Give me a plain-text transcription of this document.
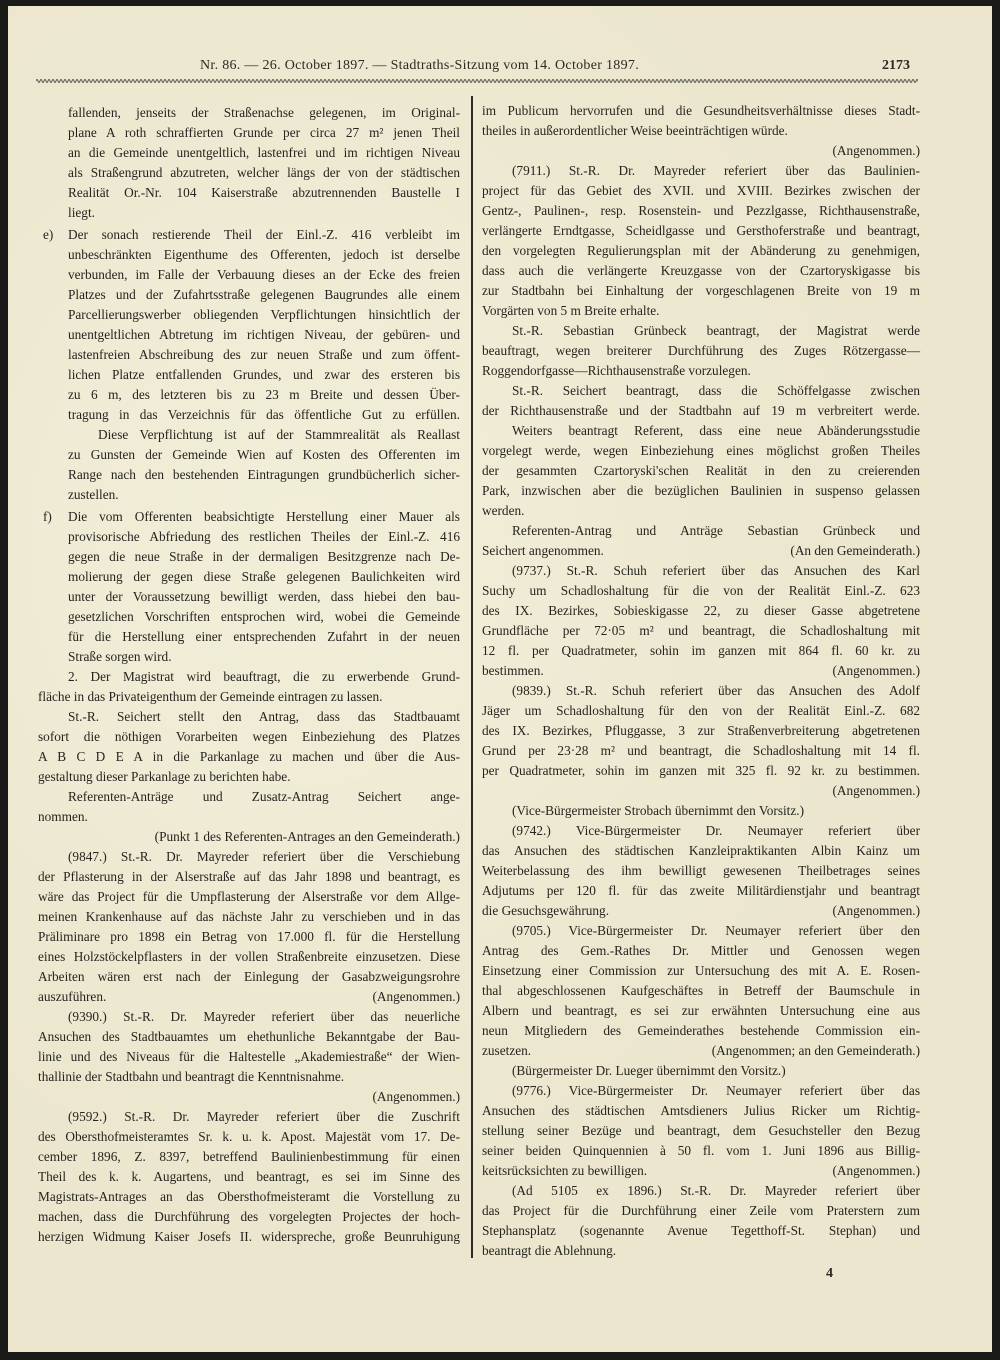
Nr. 86. — 26. October 1897. — Stadtraths-Sitzung vom 14. October 1897.	2173
fallenden, jenseits der Straßenachse gelegenen, im Original-
plane A roth schraffierten Grunde per circa 27 m² jenen Theil
an die Gemeinde unentgeltlich, lastenfrei und im richtigen Niveau
als Straßengrund abzutreten, welcher längs der von der städtischen
Realität Or.-Nr. 104 Kaiserstraße abzutrennenden Baustelle I
liegt.
e) Der sonach restierende Theil der Einl.-Z. 416 verbleibt im
unbeschränkten Eigenthume des Offerenten, jedoch ist derselbe
verbunden, im Falle der Verbauung dieses an der Ecke des freien
Platzes und der Zufahrtsstraße gelegenen Baugrundes alle einem
Parcellierungswerber obliegenden Verpflichtungen hinsichtlich der
unentgeltlichen Abtretung im richtigen Niveau, der gebüren- und
lastenfreien Abschreibung des zur neuen Straße und zum öffent-
lichen Platze entfallenden Grundes, und zwar des ersteren bis
zu 6 m, des letzteren bis zu 23 m Breite und dessen Über-
tragung in das Verzeichnis für das öffentliche Gut zu erfüllen.
Diese Verpflichtung ist auf der Stammrealität als Reallast
zu Gunsten der Gemeinde Wien auf Kosten des Offerenten im
Range nach den bestehenden Eintragungen grundbücherlich sicher-
zustellen.
f) Die vom Offerenten beabsichtigte Herstellung einer Mauer als
provisorische Abfriedung des restlichen Theiles der Einl.-Z. 416
gegen die neue Straße in der dermaligen Besitzgrenze nach De-
molierung der gegen diese Straße gelegenen Baulichkeiten wird
unter der Voraussetzung bewilligt werden, dass hiebei den bau-
gesetzlichen Vorschriften entsprochen wird, wobei die Gemeinde
für die Herstellung einer entsprechenden Zufahrt in der neuen
Straße sorgen wird.
2. Der Magistrat wird beauftragt, die zu erwerbende Grund-
fläche in das Privateigenthum der Gemeinde eintragen zu lassen.
St.-R. Seichert stellt den Antrag, dass das Stadtbauamt
sofort die nöthigen Vorarbeiten wegen Einbeziehung des Platzes
A B C D E A in die Parkanlage zu machen und über die Aus-
gestaltung dieser Parkanlage zu berichten habe.
Referenten-Anträge und Zusatz-Antrag Seichert ange-
nommen.
(Punkt 1 des Referenten-Antrages an den Gemeinderath.)
(9847.) St.-R. Dr. Mayreder referiert über die Verschiebung
der Pflasterung in der Alserstraße auf das Jahr 1898 und beantragt, es
wäre das Project für die Umpflasterung der Alserstraße vor dem Allge-
meinen Krankenhause auf das nächste Jahr zu verschieben und in das
Präliminare pro 1898 ein Betrag von 17.000 fl. für die Herstellung
eines Holzstöckelpflasters in der vollen Straßenbreite einzusetzen. Diese
Arbeiten wären erst nach der Einlegung der Gasabzweigungsrohre
auszuführen.	(Angenommen.)
(9390.) St.-R. Dr. Mayreder referiert über das neuerliche
Ansuchen des Stadtbauamtes um ehethunliche Bekanntgabe der Bau-
linie und des Niveaus für die Haltestelle „Akademiestraße“ der Wien-
thallinie der Stadtbahn und beantragt die Kenntnisnahme.
(Angenommen.)
(9592.) St.-R. Dr. Mayreder referiert über die Zuschrift
des Obersthofmeisteramtes Sr. k. u. k. Apost. Majestät vom 17. De-
cember 1896, Z. 8397, betreffend Baulinienbestimmung für einen
Theil des k. k. Augartens, und beantragt, es sei im Sinne des
Magistrats-Antrages an das Obersthofmeisteramt die Vorstellung zu
machen, dass die Durchführung des vorgelegten Projectes der hoch-
herzigen Widmung Kaiser Josefs II. widerspreche, große Beunruhigung
im Publicum hervorrufen und die Gesundheitsverhältnisse dieses Stadt-
theiles in außerordentlicher Weise beeinträchtigen würde.
(Angenommen.)
(7911.) St.-R. Dr. Mayreder referiert über das Baulinien-
project für das Gebiet des XVII. und XVIII. Bezirkes zwischen der
Gentz-, Paulinen-, resp. Rosenstein- und Pezzlgasse, Richthausenstraße,
verlängerte Erndtgasse, Scheidlgasse und Gersthoferstraße und beantragt,
den vorgelegten Regulierungsplan mit der Abänderung zu genehmigen,
dass auch die verlängerte Kreuzgasse von der Czartoryskigasse bis
zur Stadtbahn bei Einhaltung der vorgeschlagenen Breite von 19 m
Vorgärten von 5 m Breite erhalte.
St.-R. Sebastian Grünbeck beantragt, der Magistrat werde
beauftragt, wegen breiterer Durchführung des Zuges Rötzergasse—
Roggendorfgasse—Richthausenstraße vorzulegen.
St.-R. Seichert beantragt, dass die Schöffelgasse zwischen
der Richthausenstraße und der Stadtbahn auf 19 m verbreitert werde.
Weiters beantragt Referent, dass eine neue Abänderungsstudie
vorgelegt werde, wegen Einbeziehung eines möglichst großen Theiles
der gesammten Czartoryski'schen Realität in den zu creierenden
Park, inzwischen aber die bezüglichen Baulinien in suspenso gelassen
werden.
Referenten-Antrag und Anträge Sebastian Grünbeck und
Seichert angenommen.	(An den Gemeinderath.)
(9737.) St.-R. Schuh referiert über das Ansuchen des Karl
Suchy um Schadloshaltung für die von der Realität Einl.-Z. 623
des IX. Bezirkes, Sobieskigasse 22, zu dieser Gasse abgetretene
Grundfläche per 72·05 m² und beantragt, die Schadloshaltung mit
12 fl. per Quadratmeter, sohin im ganzen mit 864 fl. 60 kr. zu
bestimmen.	(Angenommen.)
(9839.) St.-R. Schuh referiert über das Ansuchen des Adolf
Jäger um Schadloshaltung für den von der Realität Einl.-Z. 682
des IX. Bezirkes, Pfluggasse, 3 zur Straßenverbreiterung abgetretenen
Grund per 23·28 m² und beantragt, die Schadloshaltung mit 14 fl.
per Quadratmeter, sohin im ganzen mit 325 fl. 92 kr. zu bestimmen.
(Angenommen.)
(Vice-Bürgermeister Strobach übernimmt den Vorsitz.)
(9742.) Vice-Bürgermeister Dr. Neumayer referiert über
das Ansuchen des städtischen Kanzleipraktikanten Albin Kainz um
Weiterbelassung des ihm bewilligt gewesenen Theilbetrages seines
Adjutums per 120 fl. für das zweite Militärdienstjahr und beantragt
die Gesuchsgewährung.	(Angenommen.)
(9705.) Vice-Bürgermeister Dr. Neumayer referiert über den
Antrag des Gem.-Rathes Dr. Mittler und Genossen wegen
Einsetzung einer Commission zur Untersuchung des mit A. E. Rosen-
thal abgeschlossenen Kaufgeschäftes in Betreff der Baumschule in
Albern und beantragt, es sei zur erwähnten Untersuchung eine aus
neun Mitgliedern des Gemeinderathes bestehende Commission ein-
zusetzen.	(Angenommen; an den Gemeinderath.)
(Bürgermeister Dr. Lueger übernimmt den Vorsitz.)
(9776.) Vice-Bürgermeister Dr. Neumayer referiert über das
Ansuchen des städtischen Amtsdieners Julius Ricker um Richtig-
stellung seiner Bezüge und beantragt, dem Gesuchsteller den Bezug
seiner beiden Quinquennien à 50 fl. vom 1. Juni 1896 aus Billig-
keitsrücksichten zu bewilligen.	(Angenommen.)
(Ad 5105 ex 1896.) St.-R. Dr. Mayreder referiert über
das Project für die Durchführung einer Zeile vom Praterstern zum
Stephansplatz (sogenannte Avenue Tegetthoff-St. Stephan) und
beantragt die Ablehnung.
4
